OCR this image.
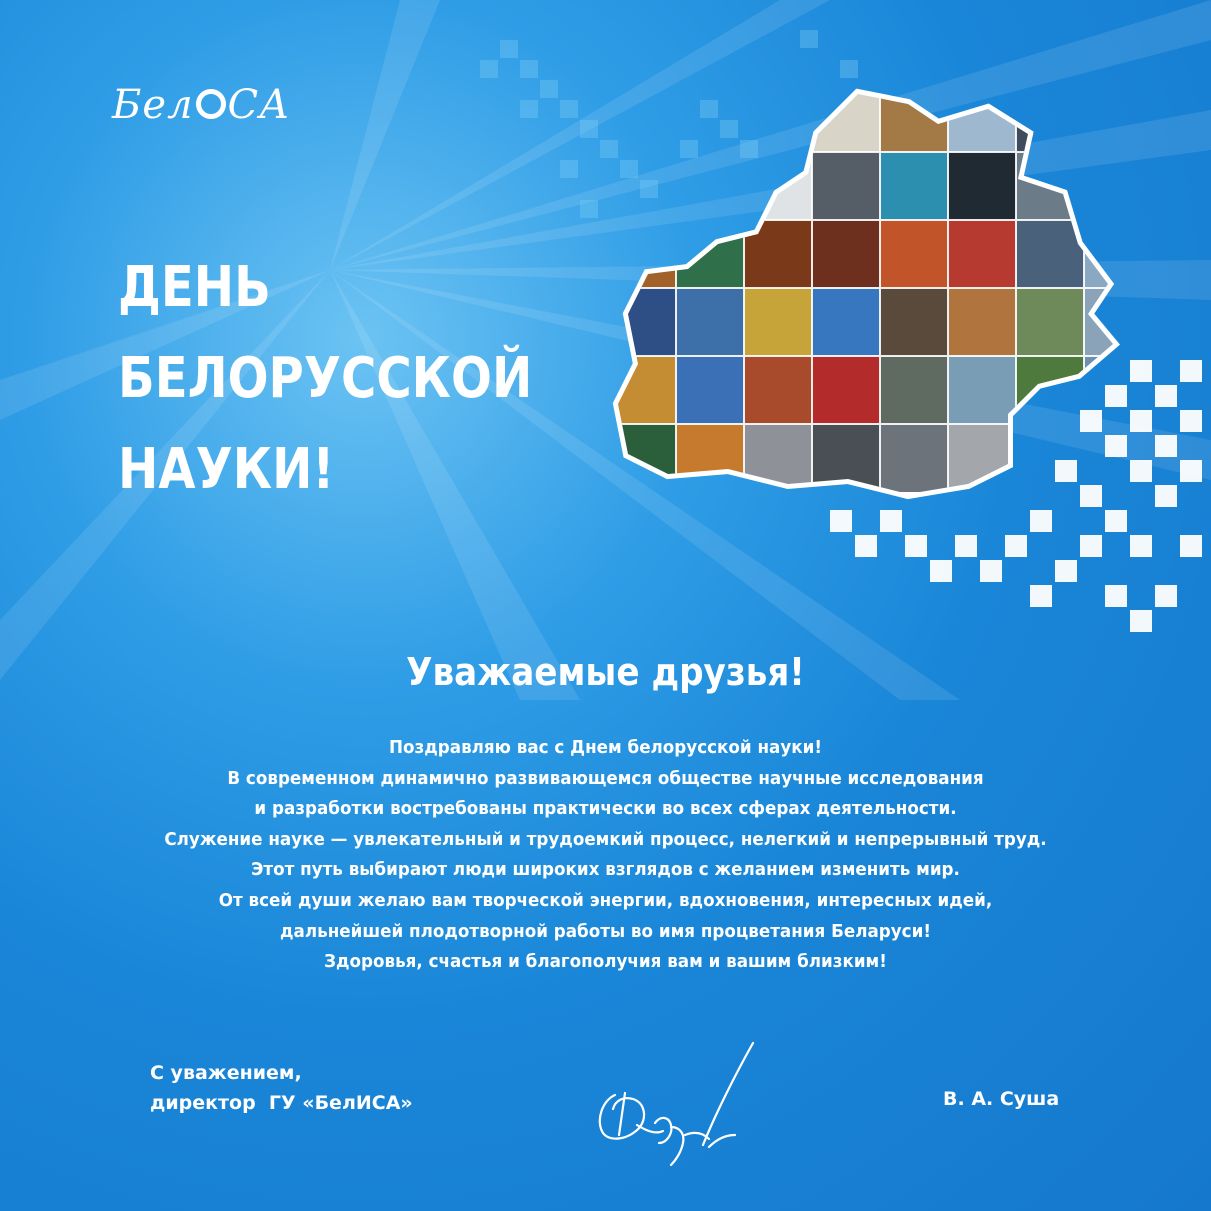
Бел СА
ДЕНЬ
БЕЛОРУССКОЙ
НАУКИ!
Уважаемые друзья!
Поздравляю вас с Днем белорусской науки!
В современном динамично развивающемся обществе научные исследования
и разработки востребованы практически во всех сферах деятельности.
Служение науке — увлекательный и трудоемкий процесс, нелегкий и непрерывный труд.
Этот путь выбирают люди широких взглядов с желанием изменить мир.
От всей души желаю вам творческой энергии, вдохновения, интересных идей,
дальнейшей плодотворной работы во имя процветания Беларуси!
Здоровья, счастья и благополучия вам и вашим близким!
С уважением,
директор  ГУ «БелИСА»	В. А. Суша
